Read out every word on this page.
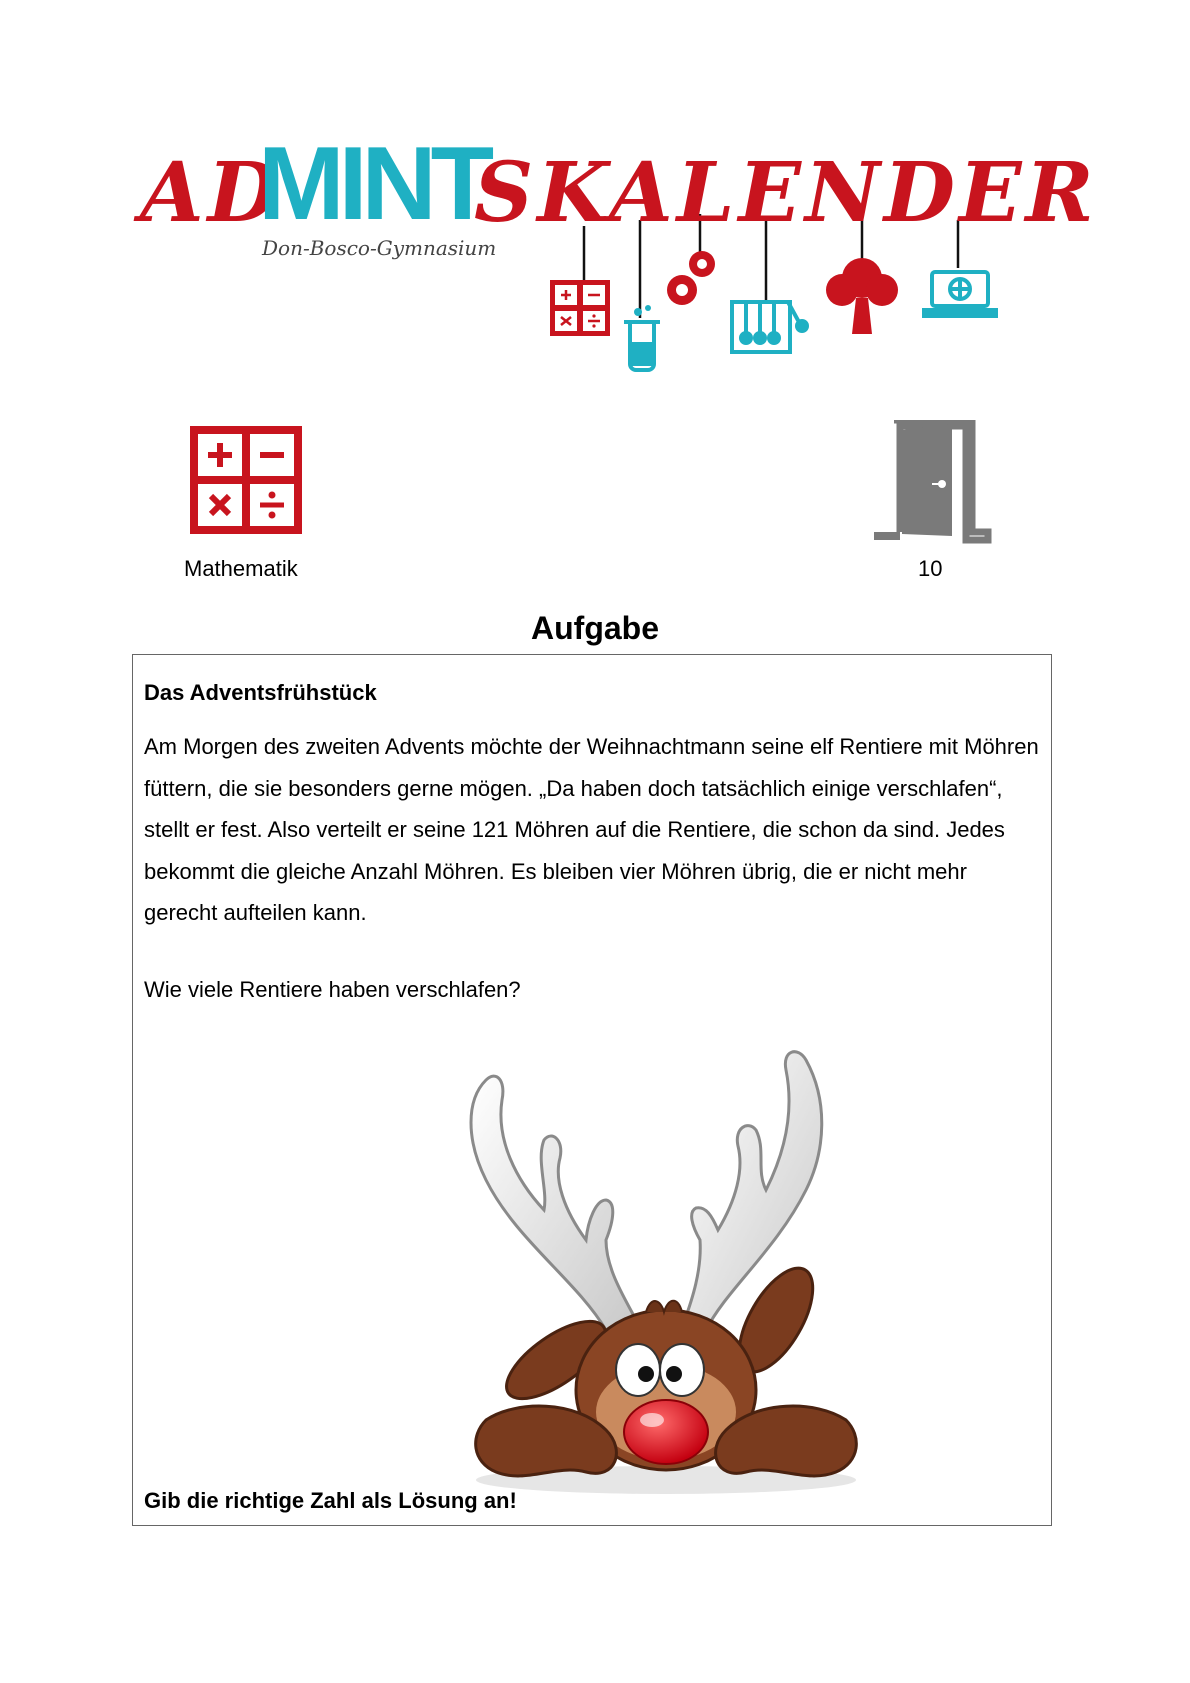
AD
MINT
SKALENDER
Don-Bosco-Gymnasium
Mathematik	10
Aufgabe
Das Adventsfrühstück
Am Morgen des zweiten Advents möchte der Weihnachtmann seine elf Rentiere mit Möhren füttern, die sie besonders gerne mögen. „Da haben doch tatsächlich einige verschlafen“, stellt er fest. Also verteilt er seine 121 Möhren auf die Rentiere, die schon da sind. Jedes bekommt die gleiche Anzahl Möhren. Es bleiben vier Möhren übrig, die er nicht mehr gerecht aufteilen kann.
Wie viele Rentiere haben verschlafen?
Gib die richtige Zahl als Lösung an!
